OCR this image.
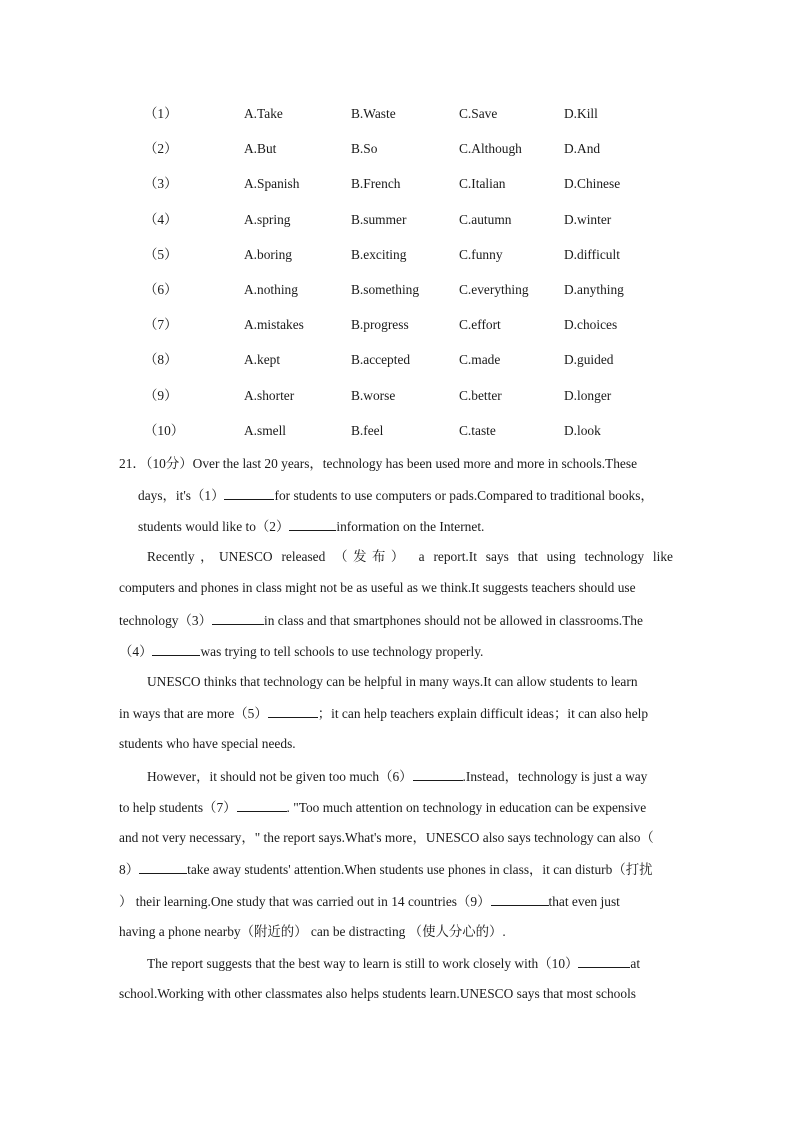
（1）	A.Take	B.Waste	C.Save	D.Kill
（2）	A.But	B.So	C.Although	D.And
（3）	A.Spanish	B.French	C.Italian	D.Chinese
（4）	A.spring	B.summer	C.autumn	D.winter
（5）	A.boring	B.exciting	C.funny	D.difficult
（6）	A.nothing	B.something	C.everything	D.anything
（7）	A.mistakes	B.progress	C.effort	D.choices
（8）	A.kept	B.accepted	C.made	D.guided
（9）	A.shorter	B.worse	C.better	D.longer
（10）	A.smell	B.feel	C.taste	D.look
21．（10分）Over the last 20 years，technology has been used more and more in schools.These
days，it's（1）	for students to use computers or pads.Compared to traditional books，
students would like to（2）	information on the Internet.
Recently，UNESCO released （发布） a report.It says that using technology like
computers and phones in class might not be as useful as we think.It suggests teachers should use
technology（3）	in class and that smartphones should not be allowed in classrooms.The
（4）	was trying to tell schools to use technology properly.
UNESCO thinks that technology can be helpful in many ways.It can allow students to learn
in ways that are more（5）	；it can help teachers explain difficult ideas；it can also help
students who have special needs.
However，it should not be given too much（6）	.Instead，technology is just a way
to help students（7）	. "Too much attention on technology in education can be expensive
and not very necessary，" the report says.What's more，UNESCO also says technology can also（
8）	take away students' attention.When students use phones in class，it can disturb（打扰
） their learning.One study that was carried out in 14 countries（9）	that even just
having a phone nearby（附近的） can be distracting （使人分心的）.
The report suggests that the best way to learn is still to work closely with（10）	at
school.Working with other classmates also helps students learn.UNESCO says that most schools
